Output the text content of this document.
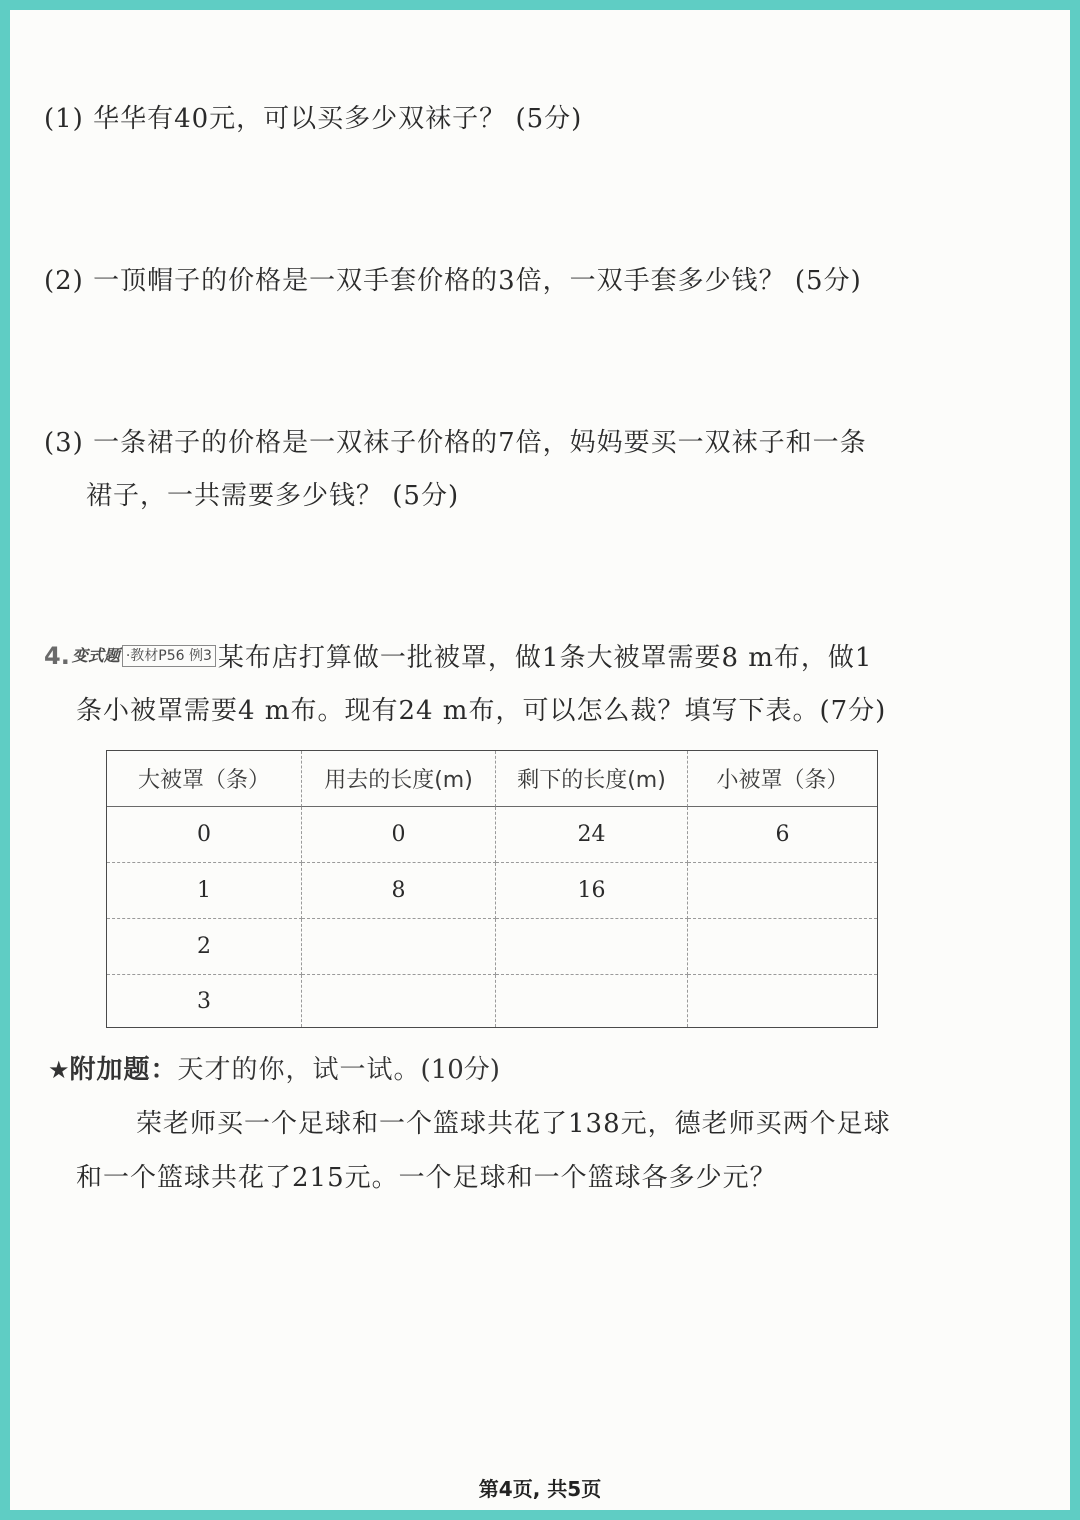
(1) 华华有40元，可以买多少双袜子？ (5分)
(2) 一顶帽子的价格是一双手套价格的3倍，一双手套多少钱？ (5分)
(3) 一条裙子的价格是一双袜子价格的7倍，妈妈要买一双袜子和一条
裙子，一共需要多少钱？ (5分)
4. 变式题 ·教材P56 例3 某布店打算做一批被罩，做1条大被罩需要8 m布，做1
条小被罩需要4 m布。现有24 m布，可以怎么裁？填写下表。(7分)
大被罩（条）	用去的长度(m)	剩下的长度(m)	小被罩（条）
0	0	24	6
1	8	16
2
3
★附加题：天才的你，试一试。(10分)
荣老师买一个足球和一个篮球共花了138元，德老师买两个足球
和一个篮球共花了215元。一个足球和一个篮球各多少元？
第4页, 共5页
